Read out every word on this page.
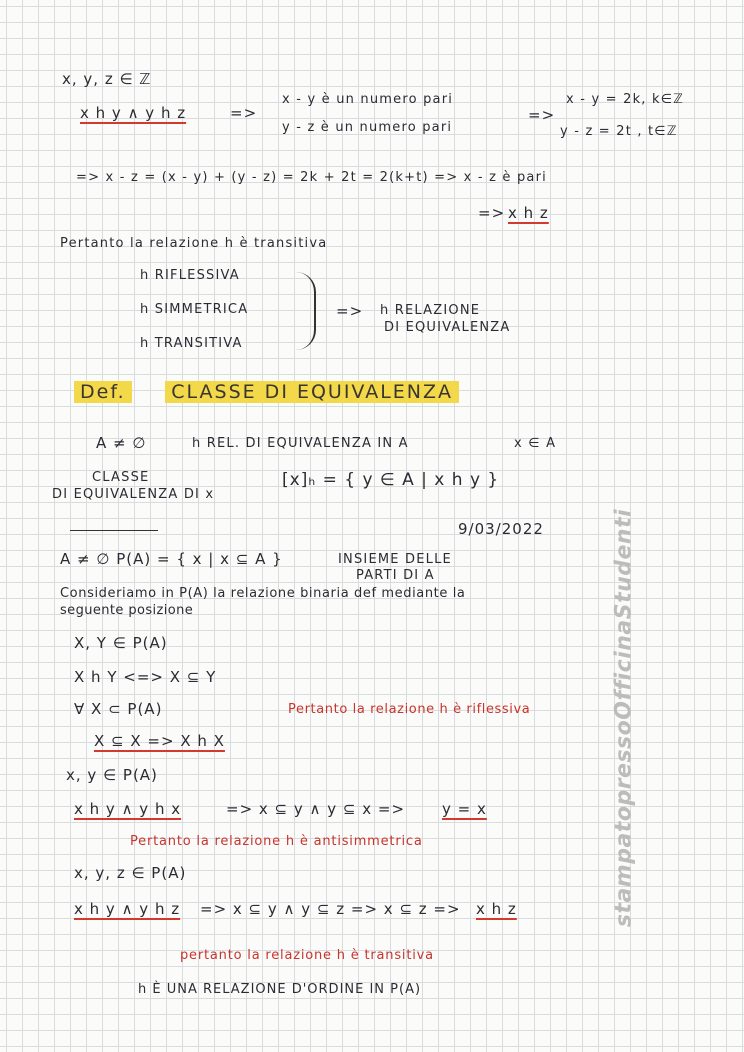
x, y, z ∈ ℤ
x h y ∧ y h z	=>
x - y è un numero pari
=>
x - y = 2k, k∈ℤ
y - z è un numero pari	y - z = 2t , t∈ℤ
=> x - z = (x - y) + (y - z) = 2k + 2t = 2(k+t) => x - z è pari
=> x h z
Pertanto la relazione h è transitiva
h RIFLESSIVA
h SIMMETRICA
h TRANSITIVA
=> h RELAZIONE
DI EQUIVALENZA
Def. CLASSE DI EQUIVALENZA
A ≠ ∅	h REL. DI EQUIVALENZA IN A	x ∈ A
CLASSE	[x]ₕ = { y ∈ A | x h y }
DI EQUIVALENZA DI x
9/03/2022
A ≠ ∅ P(A) = { x | x ⊆ A }	INSIEME DELLE
PARTI DI A
Consideriamo in P(A) la relazione binaria def mediante la
seguente posizione
X, Y ∈ P(A)
X h Y <=> X ⊆ Y
∀ X ⊂ P(A)	Pertanto la relazione h è riflessiva
X ⊆ X => X h X
x, y ∈ P(A)
x h y ∧ y h x	=> x ⊆ y ∧ y ⊆ x => y = x
Pertanto la relazione h è antisimmetrica
x, y, z ∈ P(A)
x h y ∧ y h z => x ⊆ y ∧ y ⊆ z => x ⊆ z => x h z
pertanto la relazione h è transitiva
h È UNA RELAZIONE D'ORDINE IN P(A)
stampatopressoOfficinaStudenti
